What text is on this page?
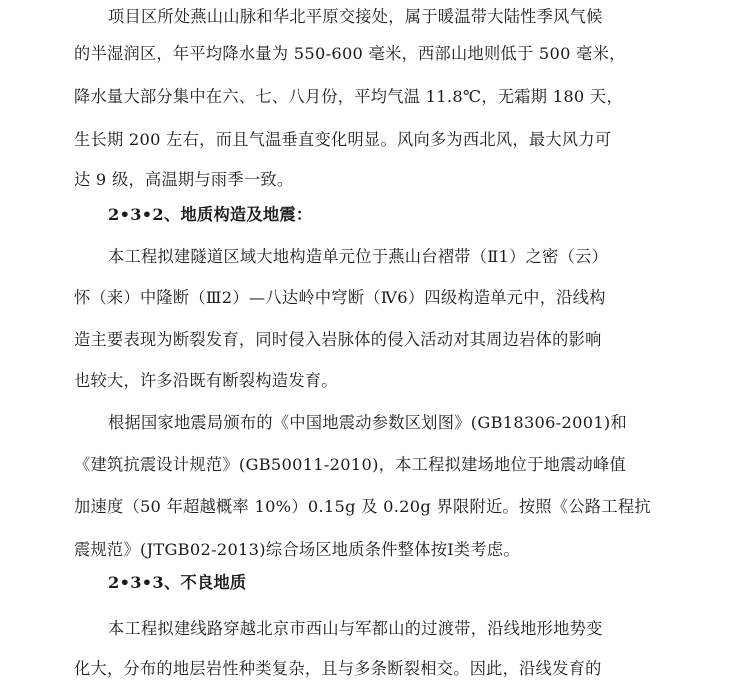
项目区所处燕山山脉和华北平原交接处，属于暖温带大陆性季风气候
的半湿润区，年平均降水量为 550-600 毫米，西部山地则低于 500 毫米，
降水量大部分集中在六、七、八月份，平均气温 11.8℃，无霜期 180 天，
生长期 200 左右，而且气温垂直变化明显。风向多为西北风，最大风力可
达 9 级，高温期与雨季一致。
2•3•2、地质构造及地震：
本工程拟建隧道区域大地构造单元位于燕山台褶带（Ⅱ1）之密（云）
怀（来）中隆断（Ⅲ2）—八达岭中穹断（Ⅳ6）四级构造单元中，沿线构
造主要表现为断裂发育，同时侵入岩脉体的侵入活动对其周边岩体的影响
也较大，许多沿既有断裂构造发育。
根据国家地震局颁布的《中国地震动参数区划图》(GB18306-2001)和
《建筑抗震设计规范》(GB50011-2010)，本工程拟建场地位于地震动峰值
加速度（50 年超越概率 10%）0.15g 及 0.20g 界限附近。按照《公路工程抗
震规范》(JTGB02-2013)综合场区地质条件整体按Ⅰ类考虑。
2•3•3、不良地质
本工程拟建线路穿越北京市西山与军都山的过渡带，沿线地形地势变
化大，分布的地层岩性种类复杂，且与多条断裂相交。因此，沿线发育的
